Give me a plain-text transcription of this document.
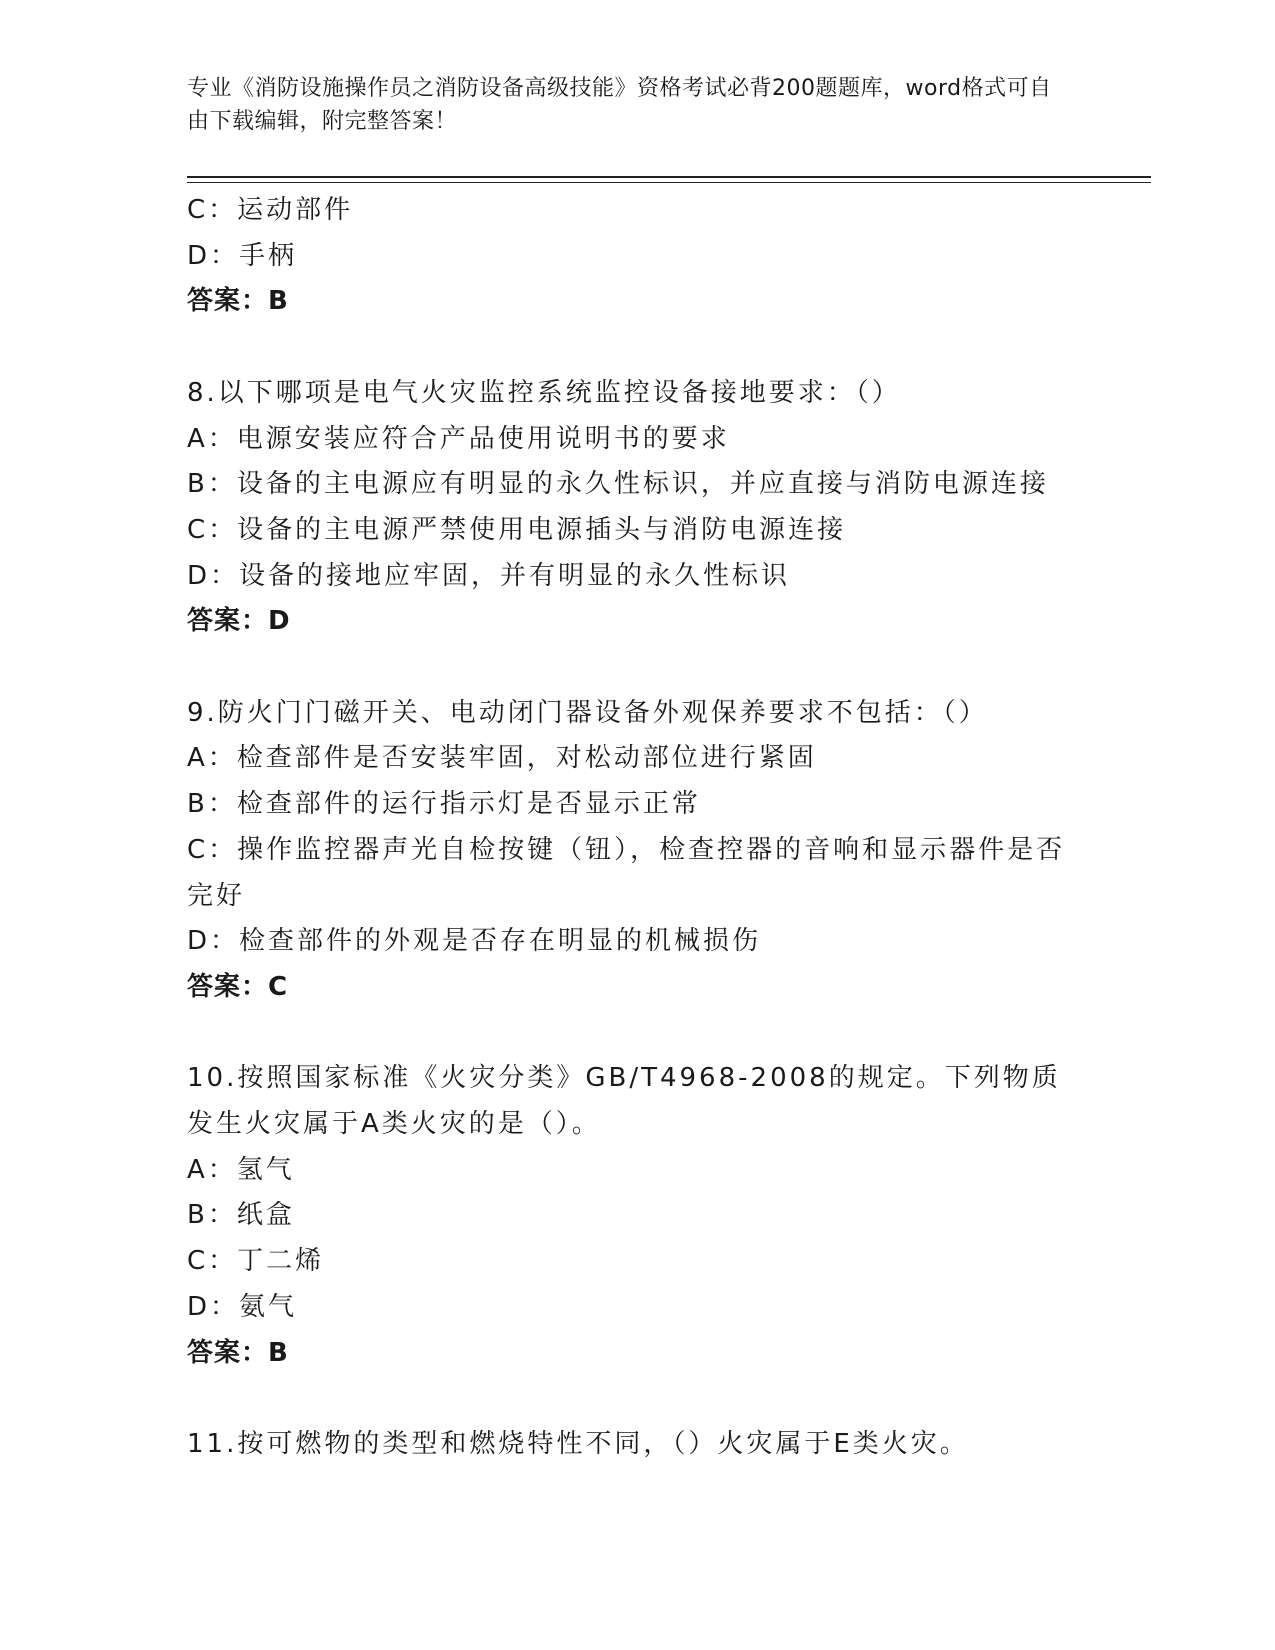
专业《消防设施操作员之消防设备高级技能》资格考试必背200题题库，word格式可自由下载编辑，附完整答案！
C：运动部件
D：手柄
答案：B
8.以下哪项是电气火灾监控系统监控设备接地要求：（）
A：电源安装应符合产品使用说明书的要求
B：设备的主电源应有明显的永久性标识，并应直接与消防电源连接
C：设备的主电源严禁使用电源插头与消防电源连接
D：设备的接地应牢固，并有明显的永久性标识
答案：D
9.防火门门磁开关、电动闭门器设备外观保养要求不包括：（）
A：检查部件是否安装牢固，对松动部位进行紧固
B：检查部件的运行指示灯是否显示正常
C：操作监控器声光自检按键（钮），检查控器的音响和显示器件是否完好
D：检查部件的外观是否存在明显的机械损伤
答案：C
10.按照国家标准《火灾分类》GB/T4968-2008的规定。下列物质发生火灾属于A类火灾的是（）。
A：氢气
B：纸盒
C：丁二烯
D：氨气
答案：B
11.按可燃物的类型和燃烧特性不同，（）火灾属于E类火灾。
